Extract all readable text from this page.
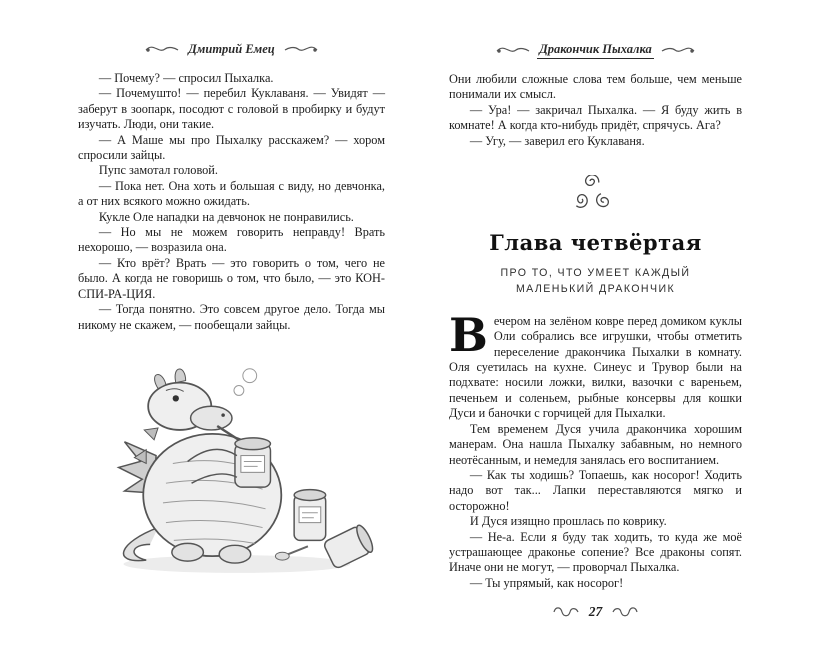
Дмитрий Емец

— Почему? — спросил Пыхалка.

— Почемушто! — перебил Куклаваня. — Увидят — заберут в зоопарк, посодют с головой в пробирку и будут изучать. Люди, они такие.

— А Маше мы про Пыхалку расскажем? — хором спросили зайцы.

Пупс замотал головой.

— Пока нет. Она хоть и большая с виду, но девчонка, а от них всякого можно ожидать.

Кукле Оле нападки на девчонок не понравились.

— Но мы не можем говорить неправду! Врать нехорошо, — возразила она.

— Кто врёт? Врать — это говорить о том, чего не было. А когда не говоришь о том, что было, — это КОН-СПИ-РА-ЦИЯ.

— Тогда понятно. Это совсем другое дело. Тогда мы никому не скажем, — пообещали зайцы.

Дракончик Пыхалка

Они любили сложные слова тем больше, чем меньше понимали их смысл.

— Ура! — закричал Пыхалка. — Я буду жить в комнате! А когда кто-нибудь придёт, спрячусь. Ага?

— Угу, — заверил его Куклаваня.

Глава четвёртая
ПРО ТО, ЧТО УМЕЕТ КАЖДЫЙ МАЛЕНЬКИЙ ДРАКОНЧИК

Вечером на зелёном ковре перед домиком куклы Оли собрались все игрушки, чтобы отметить переселение дракончика Пыхалки в комнату. Оля суетилась на кухне. Синеус и Трувор были на подхвате: носили ложки, вилки, вазочки с вареньем, печеньем и соленьем, рыбные консервы для кошки Дуси и баночки с горчицей для Пыхалки.

Тем временем Дуся учила дракончика хорошим манерам. Она нашла Пыхалку забавным, но немного неотёсанным, и немедля занялась его воспитанием.

— Как ты ходишь? Топаешь, как носорог! Ходить надо вот так... Лапки переставляются мягко и осторожно!

И Дуся изящно прошлась по коврику.

— Не-а. Если я буду так ходить, то куда же моё устрашающее драконье сопение? Все драконы сопят. Иначе они не могут, — проворчал Пыхалка.

— Ты упрямый, как носорог!

27
